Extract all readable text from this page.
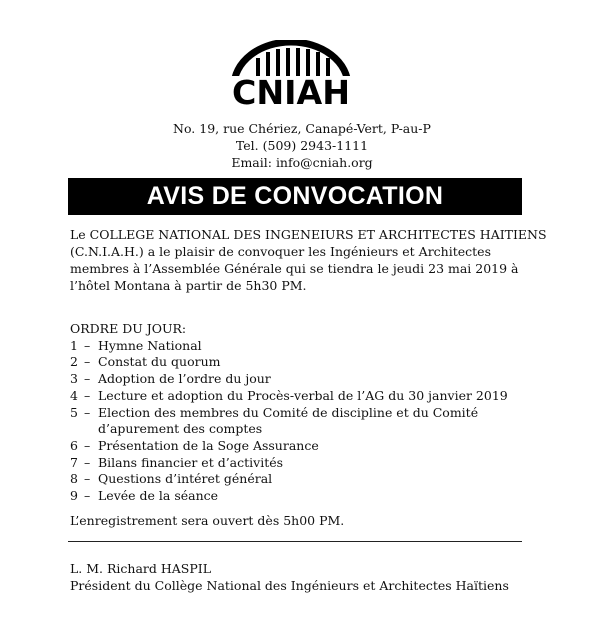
CNIAH
No. 19, rue Chériez, Canapé-Vert, P-au-P
Tel. (509) 2943-1111
Email: info@cniah.org
AVIS DE CONVOCATION
Le COLLEGE NATIONAL DES INGENEIURS ET ARCHITECTES HAITIENS
(C.N.I.A.H.) a le plaisir de convoquer les Ingénieurs et Architectes
membres à l’Assemblée Générale qui se tiendra le jeudi 23 mai 2019 à
l’hôtel Montana à partir de 5h30 PM.
ORDRE DU JOUR:
1 – Hymne National
2 – Constat du quorum
3 – Adoption de l’ordre du jour
4 – Lecture et adoption du Procès-verbal de l’AG du 30 janvier 2019
5 – Election des membres du Comité de discipline et du Comité
d’apurement des comptes
6 – Présentation de la Soge Assurance
7 – Bilans financier et d’activités
8 – Questions d’intéret général
9 – Levée de la séance
L’enregistrement sera ouvert dès 5h00 PM.
L. M. Richard HASPIL
Président du Collège National des Ingénieurs et Architectes Haïtiens
